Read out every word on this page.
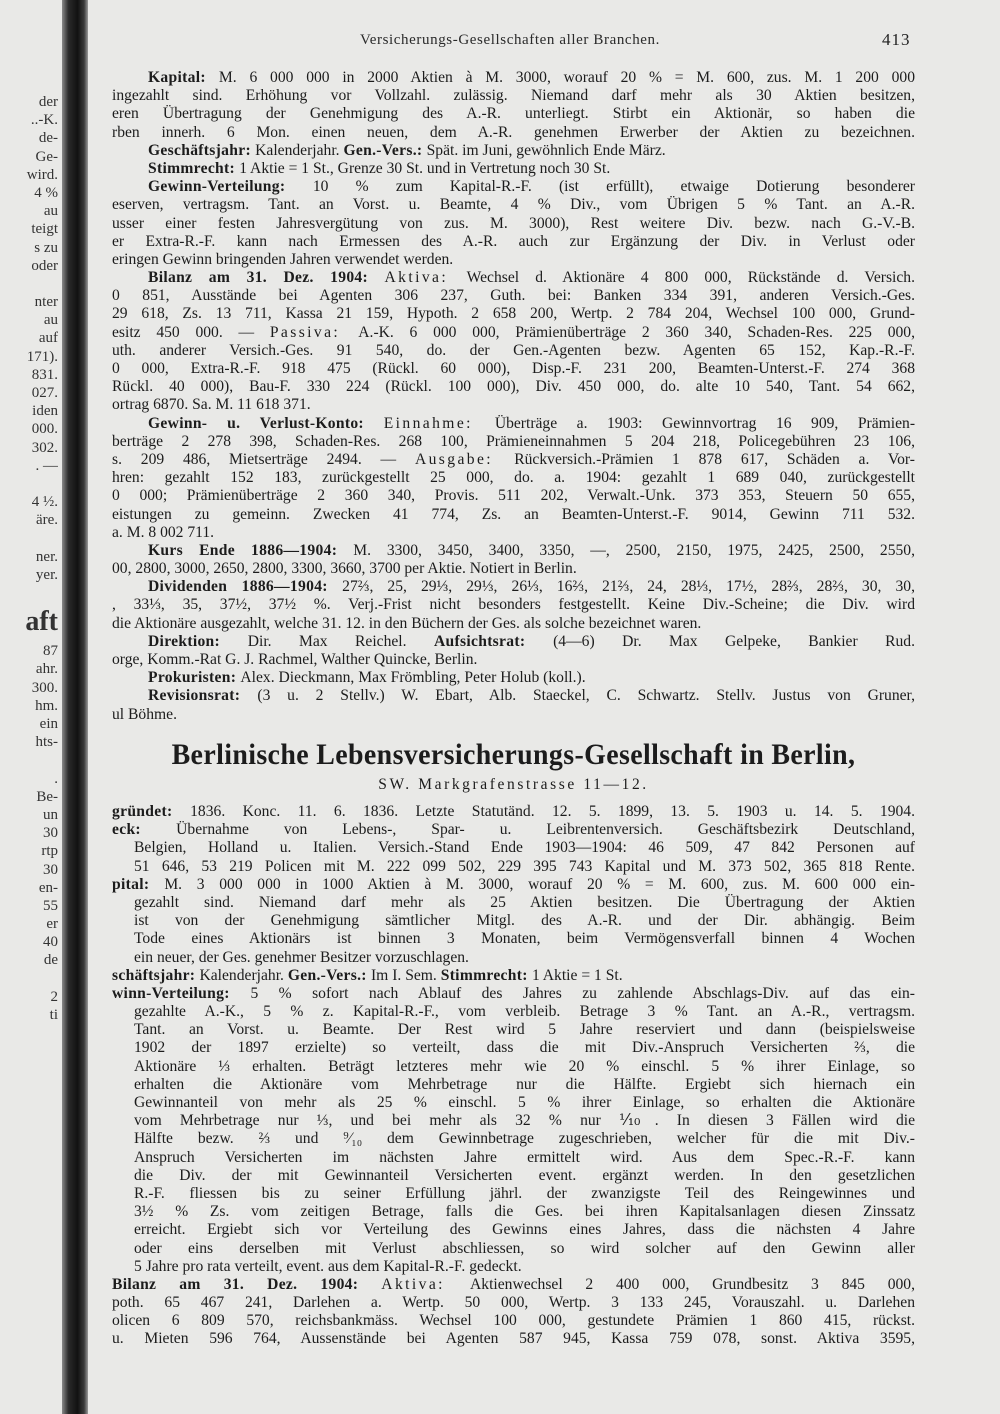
der
..-K.
de-
Ge-
wird.
4 %
au
teigt
s zu
oder
nter
au
auf
171).
831.
027.
iden
000.
302.
. —
4 ½.
äre.
ner.
yer.
aft
87
ahr.
300.
hm.
ein
hts-
.
Be-
un
30
rtp
30
en-
55
er
40
de
2
ti
Versicherungs-Gesellschaften aller Branchen.	413
Kapital: M. 6 000 000 in 2000 Aktien à M. 3000, worauf 20 % = M. 600, zus. M. 1 200 000
ingezahlt sind. Erhöhung vor Vollzahl. zulässig. Niemand darf mehr als 30 Aktien besitzen,
eren Übertragung der Genehmigung des A.-R. unterliegt. Stirbt ein Aktionär, so haben die
rben innerh. 6 Mon. einen neuen, dem A.-R. genehmen Erwerber der Aktien zu bezeichnen.
Geschäftsjahr: Kalenderjahr. Gen.-Vers.: Spät. im Juni, gewöhnlich Ende März.
Stimmrecht: 1 Aktie = 1 St., Grenze 30 St. und in Vertretung noch 30 St.
Gewinn-Verteilung: 10 % zum Kapital-R.-F. (ist erfüllt), etwaige Dotierung besonderer
eserven, vertragsm. Tant. an Vorst. u. Beamte, 4 % Div., vom Übrigen 5 % Tant. an A.-R.
usser einer festen Jahresvergütung von zus. M. 3000), Rest weitere Div. bezw. nach G.-V.-B.
er Extra-R.-F. kann nach Ermessen des A.-R. auch zur Ergänzung der Div. in Verlust oder
eringen Gewinn bringenden Jahren verwendet werden.
Bilanz am 31. Dez. 1904: Aktiva: Wechsel d. Aktionäre 4 800 000, Rückstände d. Versich.
0 851, Ausstände bei Agenten 306 237, Guth. bei: Banken 334 391, anderen Versich.-Ges.
29 618, Zs. 13 711, Kassa 21 159, Hypoth. 2 658 200, Wertp. 2 784 204, Wechsel 100 000, Grund-
esitz 450 000. — Passiva: A.-K. 6 000 000, Prämienüberträge 2 360 340, Schaden-Res. 225 000,
uth. anderer Versich.-Ges. 91 540, do. der Gen.-Agenten bezw. Agenten 65 152, Kap.-R.-F.
0 000, Extra-R.-F. 918 475 (Rückl. 60 000), Disp.-F. 231 200, Beamten-Unterst.-F. 274 368
Rückl. 40 000), Bau-F. 330 224 (Rückl. 100 000), Div. 450 000, do. alte 10 540, Tant. 54 662,
ortrag 6870. Sa. M. 11 618 371.
Gewinn- u. Verlust-Konto: Einnahme: Überträge a. 1903: Gewinnvortrag 16 909, Prämien-
berträge 2 278 398, Schaden-Res. 268 100, Prämieneinnahmen 5 204 218, Policegebühren 23 106,
s. 209 486, Mietserträge 2494. — Ausgabe: Rückversich.-Prämien 1 878 617, Schäden a. Vor-
hren: gezahlt 152 183, zurückgestellt 25 000, do. a. 1904: gezahlt 1 689 040, zurückgestellt
0 000; Prämienüberträge 2 360 340, Provis. 511 202, Verwalt.-Unk. 373 353, Steuern 50 655,
eistungen zu gemeinn. Zwecken 41 774, Zs. an Beamten-Unterst.-F. 9014, Gewinn 711 532.
a. M. 8 002 711.
Kurs Ende 1886—1904: M. 3300, 3450, 3400, 3350, —, 2500, 2150, 1975, 2425, 2500, 2550,
00, 2800, 3000, 2650, 2800, 3300, 3660, 3700 per Aktie. Notiert in Berlin.
Dividenden 1886—1904: 27⅔, 25, 29⅓, 29⅓, 26⅓, 16⅔, 21⅔, 24, 28⅓, 17½, 28⅔, 28⅔, 30, 30,
, 33⅓, 35, 37½, 37½ %. Verj.-Frist nicht besonders festgestellt. Keine Div.-Scheine; die Div. wird
die Aktionäre ausgezahlt, welche 31. 12. in den Büchern der Ges. als solche bezeichnet waren.
Direktion: Dir. Max Reichel. Aufsichtsrat: (4—6) Dr. Max Gelpeke, Bankier Rud.
orge, Komm.-Rat G. J. Rachmel, Walther Quincke, Berlin.
Prokuristen: Alex. Dieckmann, Max Frömbling, Peter Holub (koll.).
Revisionsrat: (3 u. 2 Stellv.) W. Ebart, Alb. Staeckel, C. Schwartz. Stellv. Justus von Gruner,
ul Böhme.
Berlinische Lebensversicherungs-Gesellschaft in Berlin,
SW. Markgrafenstrasse 11—12.
gründet: 1836. Konc. 11. 6. 1836. Letzte Statutänd. 12. 5. 1899, 13. 5. 1903 u. 14. 5. 1904.
eck: Übernahme von Lebens-, Spar- u. Leibrentenversich. Geschäftsbezirk Deutschland,
Belgien, Holland u. Italien. Versich.-Stand Ende 1903—1904: 46 509, 47 842 Personen auf
51 646, 53 219 Policen mit M. 222 099 502, 229 395 743 Kapital und M. 373 502, 365 818 Rente.
pital: M. 3 000 000 in 1000 Aktien à M. 3000, worauf 20 % = M. 600, zus. M. 600 000 ein-
gezahlt sind. Niemand darf mehr als 25 Aktien besitzen. Die Übertragung der Aktien
ist von der Genehmigung sämtlicher Mitgl. des A.-R. und der Dir. abhängig. Beim
Tode eines Aktionärs ist binnen 3 Monaten, beim Vermögensverfall binnen 4 Wochen
ein neuer, der Ges. genehmer Besitzer vorzuschlagen.
schäftsjahr: Kalenderjahr. Gen.-Vers.: Im I. Sem. Stimmrecht: 1 Aktie = 1 St.
winn-Verteilung: 5 % sofort nach Ablauf des Jahres zu zahlende Abschlags-Div. auf das ein-
gezahlte A.-K., 5 % z. Kapital-R.-F., vom verbleib. Betrage 3 % Tant. an A.-R., vertragsm.
Tant. an Vorst. u. Beamte. Der Rest wird 5 Jahre reserviert und dann (beispielsweise
1902 der 1897 erzielte) so verteilt, dass die mit Div.-Anspruch Versicherten ⅔, die
Aktionäre ⅓ erhalten. Beträgt letzteres mehr wie 20 % einschl. 5 % ihrer Einlage, so
erhalten die Aktionäre vom Mehrbetrage nur die Hälfte. Ergiebt sich hiernach ein
Gewinnanteil von mehr als 25 % einschl. 5 % ihrer Einlage, so erhalten die Aktionäre
vom Mehrbetrage nur ⅓, und bei mehr als 32 % nur ⅒. In diesen 3 Fällen wird die
Hälfte bezw. ⅔ und ⁹⁄₁₀ dem Gewinnbetrage zugeschrieben, welcher für die mit Div.-
Anspruch Versicherten im nächsten Jahre ermittelt wird. Aus dem Spec.-R.-F. kann
die Div. der mit Gewinnanteil Versicherten event. ergänzt werden. In den gesetzlichen
R.-F. fliessen bis zu seiner Erfüllung jährl. der zwanzigste Teil des Reingewinnes und
3½ % Zs. vom zeitigen Betrage, falls die Ges. bei ihren Kapitalsanlagen diesen Zinssatz
erreicht. Ergiebt sich vor Verteilung des Gewinns eines Jahres, dass die nächsten 4 Jahre
oder eins derselben mit Verlust abschliessen, so wird solcher auf den Gewinn aller
5 Jahre pro rata verteilt, event. aus dem Kapital-R.-F. gedeckt.
Bilanz am 31. Dez. 1904: Aktiva: Aktienwechsel 2 400 000, Grundbesitz 3 845 000,
poth. 65 467 241, Darlehen a. Wertp. 50 000, Wertp. 3 133 245, Vorauszahl. u. Darlehen
olicen 6 809 570, reichsbankmäss. Wechsel 100 000, gestundete Prämien 1 860 415, rückst.
u. Mieten 596 764, Aussenstände bei Agenten 587 945, Kassa 759 078, sonst. Aktiva 3595,
